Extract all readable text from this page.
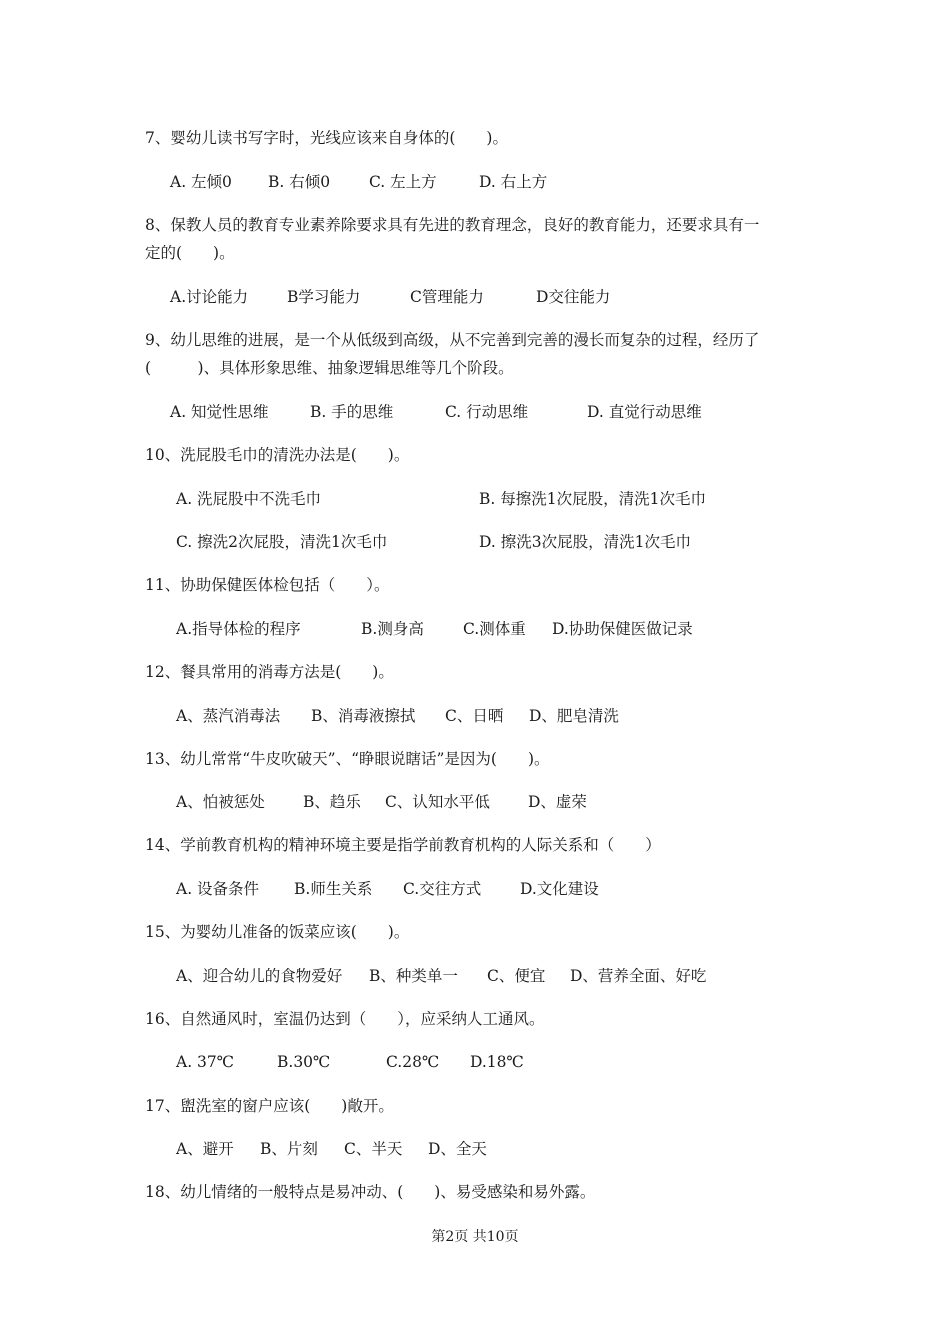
7、婴幼儿读书写字时，光线应该来自身体的(　　)。
A. 左倾0 B. 右倾0	C. 左上方	D. 右上方
8、保教人员的教育专业素养除要求具有先进的教育理念，良好的教育能力，还要求具有一
定的(　　)。
A.讨论能力	B学习能力	C管理能力	D交往能力
9、幼儿思维的进展，是一个从低级到高级，从不完善到完善的漫长而复杂的过程，经历了
(　　　)、具体形象思维、抽象逻辑思维等几个阶段。
A. 知觉性思维	B. 手的思维	C. 行动思维	D. 直觉行动思维
10、洗屁股毛巾的清洗办法是(　　)。
A. 洗屁股中不洗毛巾	B. 每擦洗1次屁股，清洗1次毛巾
C. 擦洗2次屁股，清洗1次毛巾	D. 擦洗3次屁股，清洗1次毛巾
11、协助保健医体检包括（　　）。
A.指导体检的程序	B.测身高	C.测体重 D.协助保健医做记录
12、餐具常用的消毒方法是(　　)。
A、蒸汽消毒法 B、消毒液擦拭 C、日晒 D、肥皂清洗
13、幼儿常常“牛皮吹破天”、“睁眼说瞎话”是因为(　　)。
A、怕被惩处 B、趋乐 C、认知水平低 D、虚荣
14、学前教育机构的精神环境主要是指学前教育机构的人际关系和（　　）
A. 设备条件 B.师生关系 C.交往方式	D.文化建设
15、为婴幼儿准备的饭菜应该(　　)。
A、迎合幼儿的食物爱好 B、种类单一 C、便宜 D、营养全面、好吃
16、自然通风时，室温仍达到（　　），应采纳人工通风。
A. 37℃	B.30℃	C.28℃ D.18℃
17、盥洗室的窗户应该(　　)敞开。
A、避开 B、片刻 C、半天 D、全天
18、幼儿情绪的一般特点是易冲动、(　　)、易受感染和易外露。
第2页 共10页
